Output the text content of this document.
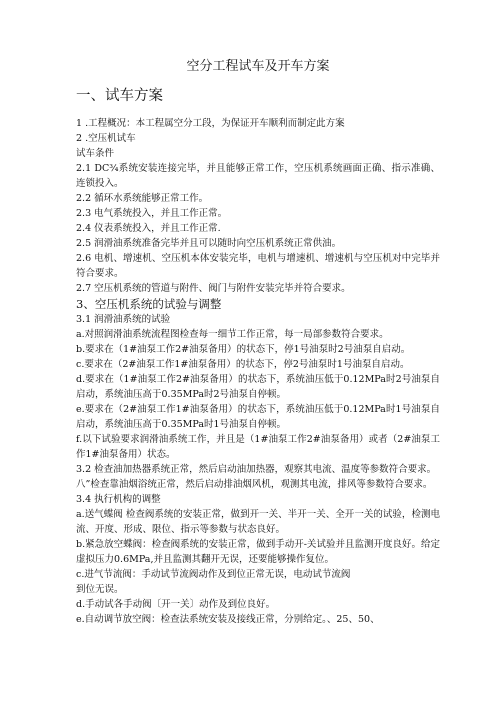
空分工程试车及开车方案
一、试车方案
1 .工程概况：本工程属空分工段，为保证开车顺利而制定此方案
2 .空压机试车
试车条件
2.1 DC¾系统安装连接完毕，并且能够正常工作，空压机系统画面正确、指示准确、连锁投入。
2.2 循环水系统能够正常工作。
2.3 电气系统投入，并且工作正常。
2.4 仪表系统投入，并且工作正常.
2.5 润滑油系统准备完毕并且可以随时向空压机系统正常供油。
2.6 电机、增速机、空压机本体安装完毕，电机与增速机、增速机与空压机对中完毕并符合要求。
2.7 空压机系统的管道与附件、阀门与附件安装完毕并符合要求。
3、空压机系统的试验与调整
3.1 润滑油系统的试验
a.对照润滑油系统流程图检查每一细节工作正常，每一局部参数符合要求。
b.要求在（1#油泵工作2#油泵备用）的状态下，停1号油泵时2号油泵自启动。
c.要求在（2#油泵工作1#油泵备用）的状态下，停2号油泵时1号油泵自启动。
d.要求在（1#油泵工作2#油泵备用）的状态下，系统油压低于0.12MPa时2号油泵自启动，系统油压高于0.35MPa时2号油泵自停顿。
e.要求在（2#油泵工作1#油泵备用）的状态下，系统油压低于0.12MPa时1号油泵自启动，系统油压高于0.35MPa时1号油泵自停顿。
f.以下试验要求润滑油系统工作，并且是（1#油泵工作2#油泵备用）或者（2#油泵工作1#油泵备用）状态。
3.2 检查油加热器系统正常，然后启动油加热器，观察其电流、温度等参数符合要求。
八”检查靠油烟浴统正常，然后启动排油烟风机，观测其电流，排风等参数符合要求。
3.4 执行机构的调整
a.送气蝶阀 检查阀系统的安装正常，做到开一关、半开一关、全开一关的试验，检测电流、开度、形成、限位、指示等参数与状态良好。
b.紧急放空蝶阀：检查阀系统的安装正常，做到手动开-关试验并且监测开度良好。给定虚拟压力0.6MPa,并且监测其翻开无误，还要能够操作复位。
c.进气节流阀：手动试节流阀动作及到位正常无误，电动试节流阀
到位无误。
d.手动试各手动阀〔开一关〕动作及到位良好。
e.自动调节放空阀：检查法系统安装及接线正常，分别给定。、25、50、
